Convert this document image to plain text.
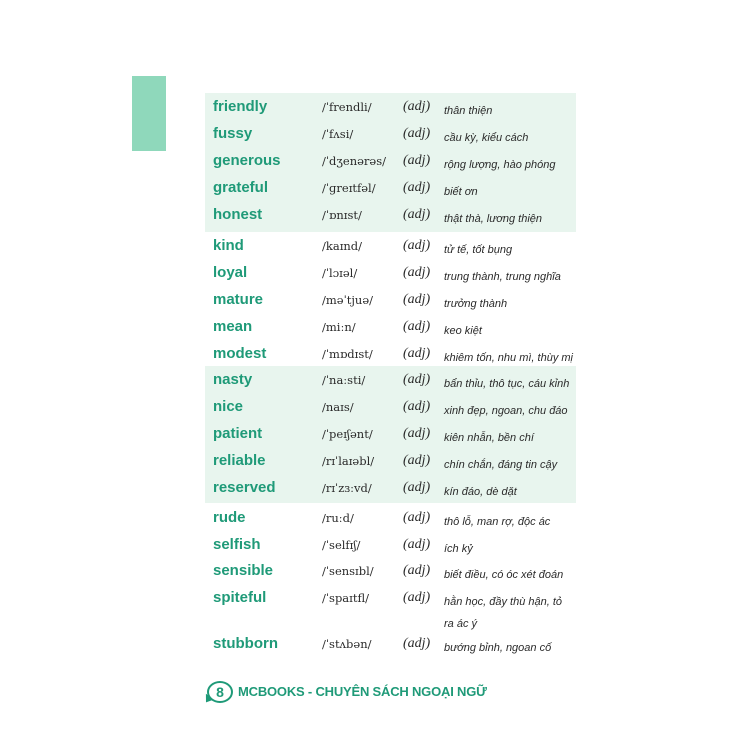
friendly	/ˈfrendli/ (adj) thân thiện
fussy	/ˈfʌsi/	(adj) cầu kỳ, kiểu cách
generous	/ˈdʒenərəs/ (adj) rộng lượng, hào phóng
grateful	/ˈɡreɪtfəl/ (adj) biết ơn
honest	/ˈɒnɪst/	(adj) thật thà, lương thiện
kind	/kaɪnd/	(adj) tử tế, tốt bụng
loyal	/ˈlɔɪəl/	(adj) trung thành, trung nghĩa
mature	/məˈtjuə/ (adj) trưởng thành
mean	/miːn/	(adj) keo kiệt
modest	/ˈmɒdɪst/ (adj) khiêm tốn, nhu mì, thùy mị
nasty	/ˈnaːsti/	(adj) bẩn thỉu, thô tục, cáu kỉnh
nice	/naɪs/	(adj) xinh đẹp, ngoan, chu đáo
patient	/ˈpeɪʃənt/ (adj) kiên nhẫn, bền chí
reliable	/rɪˈlaɪəbl/ (adj) chín chắn, đáng tin cậy
reserved	/rɪˈzɜːvd/ (adj) kín đáo, dè dặt
rude	/ruːd/	(adj) thô lỗ, man rợ, độc ác
selfish	/ˈselfɪʃ/	(adj) ích kỷ
sensible	/ˈsensɪbl/ (adj) biết điều, có óc xét đoán
spiteful	/ˈspaɪtfl/ (adj) hằn học, đầy thù hận, tỏ
ra ác ý
stubborn	/ˈstʌbən/ (adj) bướng bỉnh, ngoan cố
8 MCBOOKS - CHUYÊN SÁCH NGOẠI NGỮ
